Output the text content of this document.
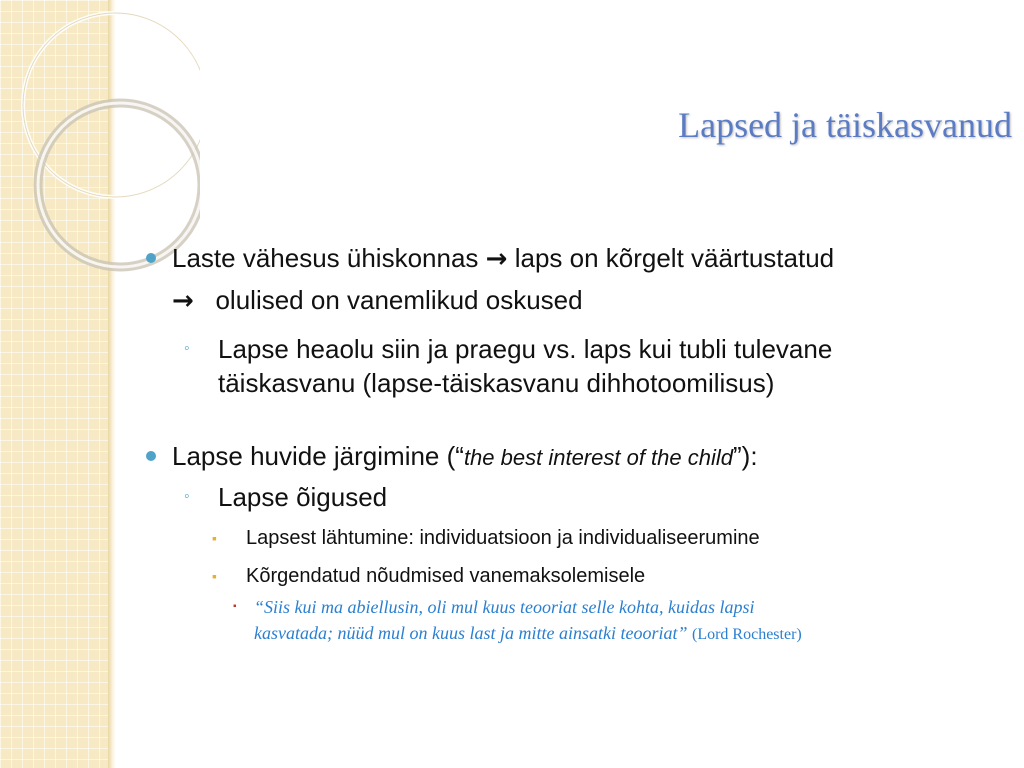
Lapsed ja täiskasvanud
Laste vähesus ühiskonnas → laps on kõrgelt väärtustatud
→ olulised on vanemlikud oskused
◦ Lapse heaolu siin ja praegu vs. laps kui tubli tulevane
täiskasvanu (lapse-täiskasvanu dihhotoomilisus)
Lapse huvide järgimine (“the best interest of the child”):
◦ Lapse õigused
▪ Lapsest lähtumine: individuatsioon ja individualiseerumine
▪ Kõrgendatud nõudmised vanemaksolemisele
▪ “Siis kui ma abiellusin, oli mul kuus teooriat selle kohta, kuidas lapsi
kasvatada; nüüd mul on kuus last ja mitte ainsatki teooriat” (Lord Rochester)
